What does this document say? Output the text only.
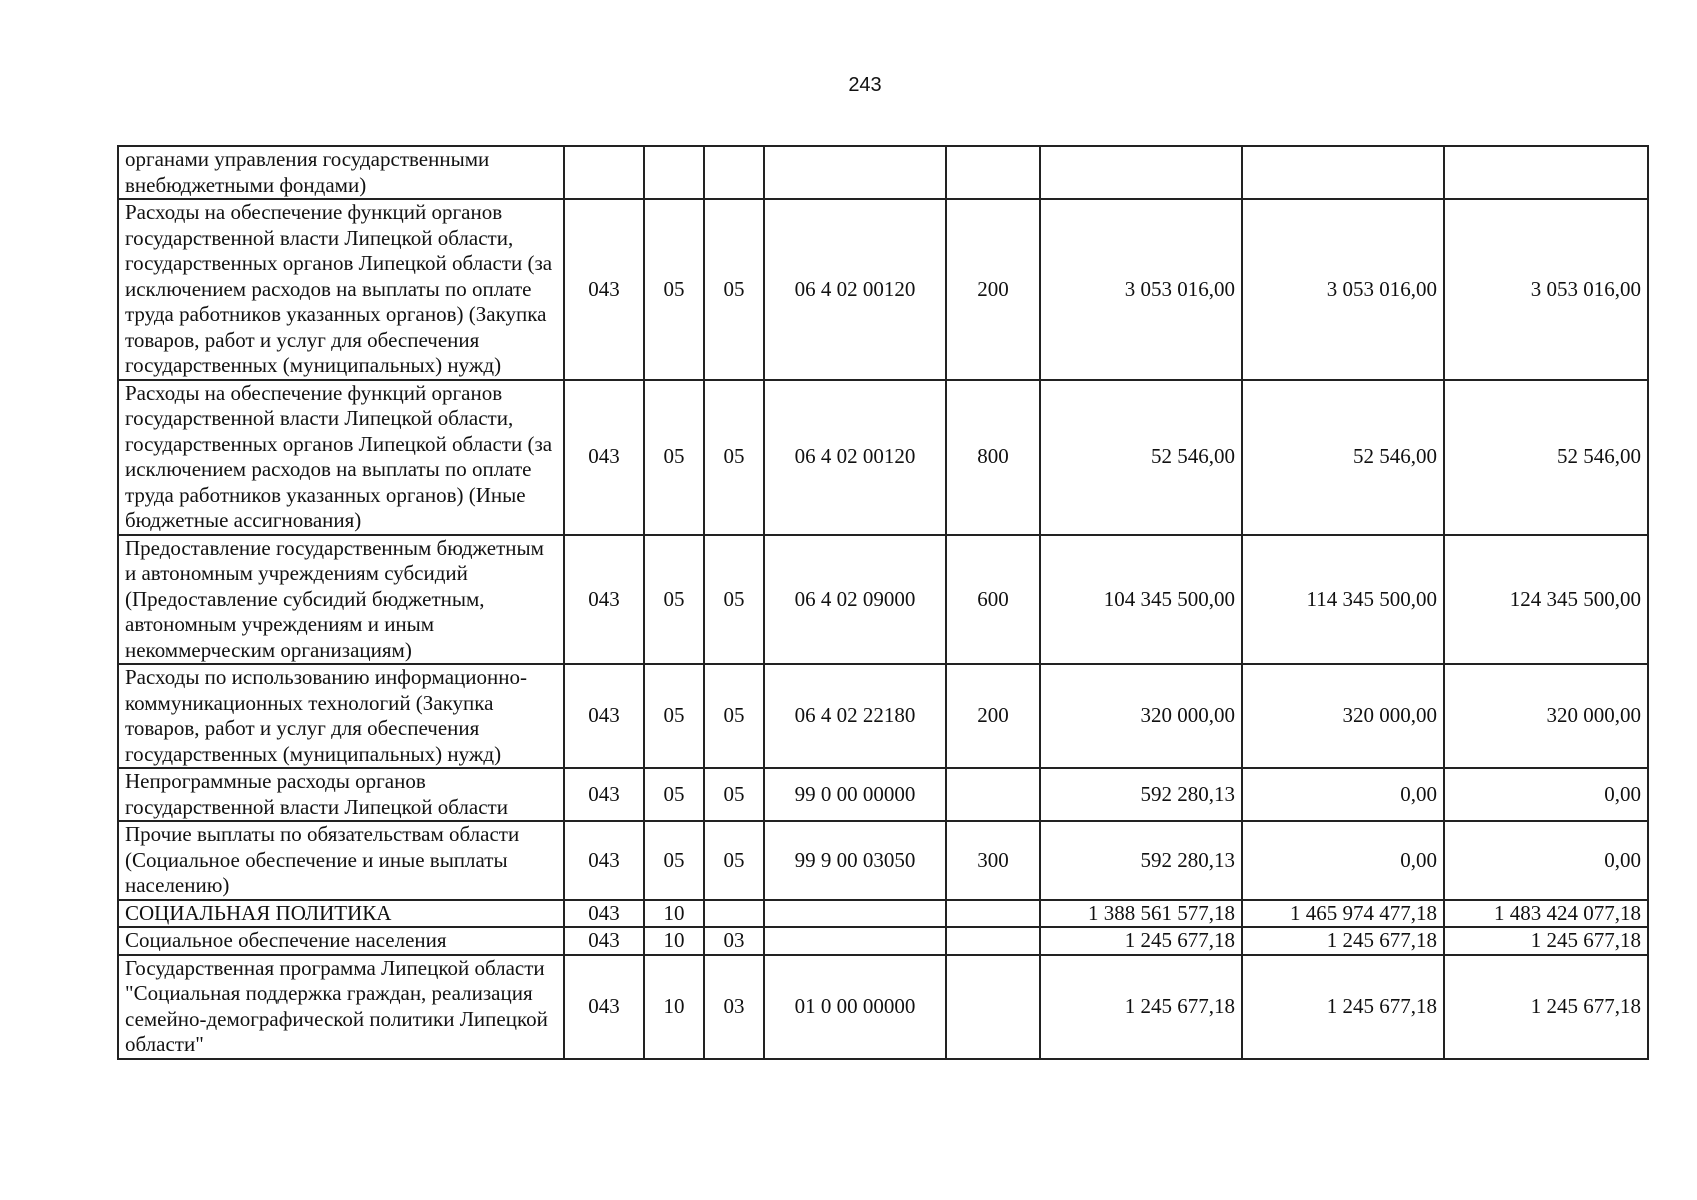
243
органами управления государственными внебюджетными фондами)								
Расходы на обеспечение функций органов государственной власти Липецкой области, государственных органов Липецкой области (за исключением расходов на выплаты по оплате труда работников указанных органов) (Закупка товаров, работ и услуг для обеспечения государственных (муниципальных) нужд)	043	05	05	06 4 02 00120	200	3 053 016,00	3 053 016,00	3 053 016,00
Расходы на обеспечение функций органов государственной власти Липецкой области, государственных органов Липецкой области (за исключением расходов на выплаты по оплате труда работников указанных органов) (Иные бюджетные ассигнования)	043	05	05	06 4 02 00120	800	52 546,00	52 546,00	52 546,00
Предоставление государственным бюджетным и автономным учреждениям субсидий (Предоставление субсидий бюджетным, автономным учреждениям и иным некоммерческим организациям)	043	05	05	06 4 02 09000	600	104 345 500,00	114 345 500,00	124 345 500,00
Расходы по использованию информационно-коммуникационных технологий (Закупка товаров, работ и услуг для обеспечения государственных (муниципальных) нужд)	043	05	05	06 4 02 22180	200	320 000,00	320 000,00	320 000,00
Непрограммные расходы органов государственной власти Липецкой области	043	05	05	99 0 00 00000		592 280,13	0,00	0,00
Прочие выплаты по обязательствам области (Социальное обеспечение и иные выплаты населению)	043	05	05	99 9 00 03050	300	592 280,13	0,00	0,00
СОЦИАЛЬНАЯ ПОЛИТИКА	043	10				1 388 561 577,18	1 465 974 477,18	1 483 424 077,18
Социальное обеспечение населения	043	10	03			1 245 677,18	1 245 677,18	1 245 677,18
Государственная программа Липецкой области "Социальная поддержка граждан, реализация семейно-демографической политики Липецкой области"	043	10	03	01 0 00 00000		1 245 677,18	1 245 677,18	1 245 677,18
